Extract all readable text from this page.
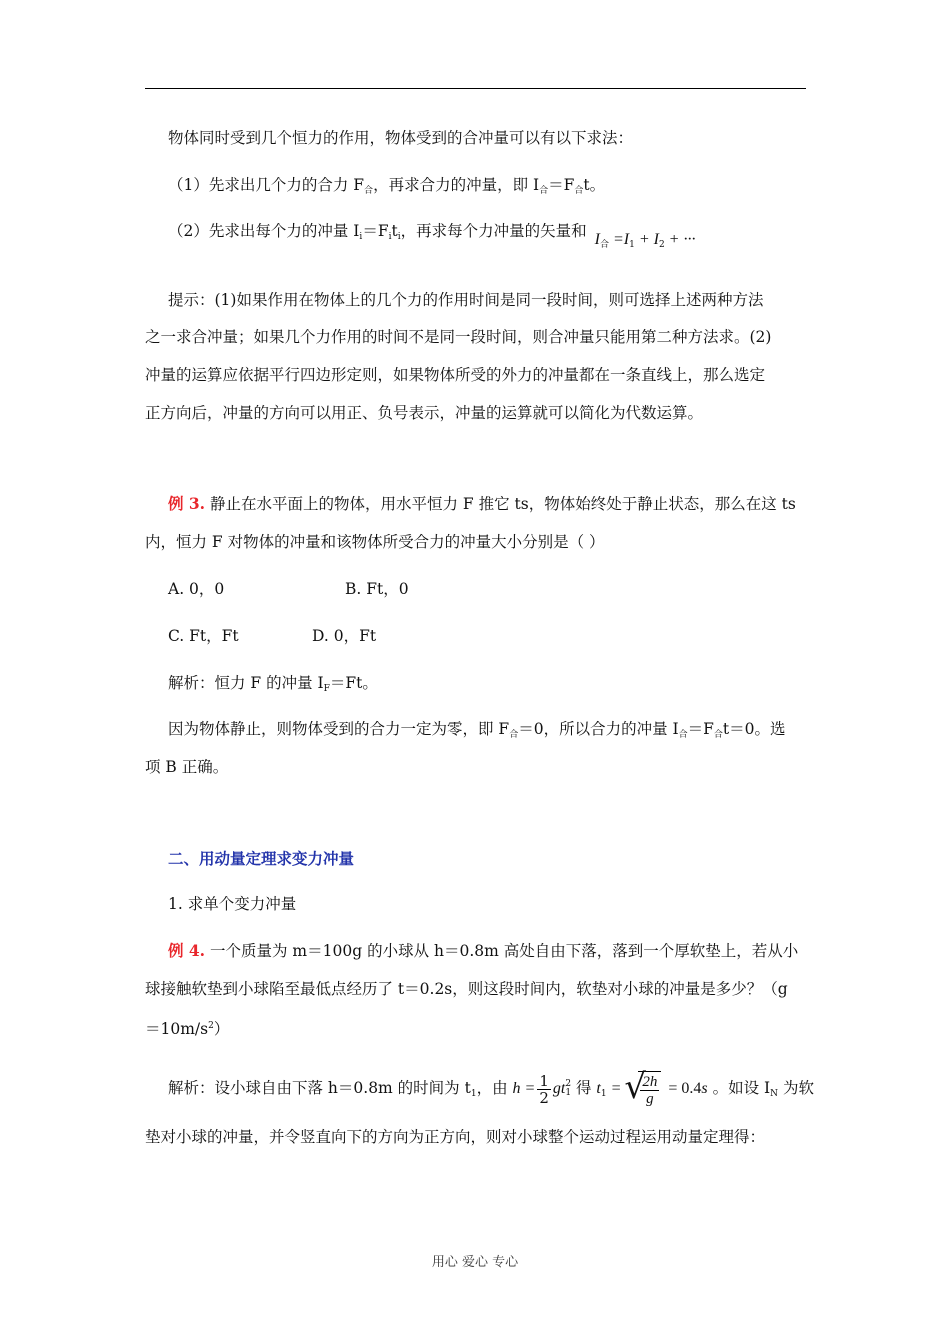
物体同时受到几个恒力的作用，物体受到的合冲量可以有以下求法：
（1）先求出几个力的合力 $F_合$，再求合力的冲量，即 $I_合=F_合t$。
（2）先求出每个力的冲量 $I_i=F_it_i$，再求每个力冲量的矢量和 $I_合 =I_1 + I_2$ + ···
提示：(1)如果作用在物体上的几个力的作用时间是同一段时间，则可选择上述两种方法
之一求合冲量；如果几个力作用的时间不是同一段时间，则合冲量只能用第二种方法求。(2)
冲量的运算应依据平行四边形定则，如果物体所受的外力的冲量都在一条直线上，那么选定
正方向后，冲量的方向可以用正、负号表示，冲量的运算就可以简化为代数运算。
例 3. 静止在水平面上的物体，用水平恒力 F 推它 ts，物体始终处于静止状态，那么在这 ts
内，恒力 F 对物体的冲量和该物体所受合力的冲量大小分别是（ ）
A. 0，0	B. Ft，0
C. Ft，Ft	D. 0，Ft
解析：恒力 F 的冲量 $I_F=Ft$。
因为物体静止，则物体受到的合力一定为零，即 $F_合=0$，所以合力的冲量 $I_合=F_合t=0$。选
项 B 正确。
二、用动量定理求变力冲量
1. 求单个变力冲量
例 4. 一个质量为 m＝100g 的小球从 h＝0.8m 高处自由下落，落到一个厚软垫上，若从小
球接触软垫到小球陷至最低点经历了 t＝0.2s，则这段时间内，软垫对小球的冲量是多少？（g
$=10m/s^2$）
解析：设小球自由下落 h＝0.8m 的时间为 $t_1$，由 $h = \frac{1}{2}$ gt 2
1 得 $t_1$ = √
$\frac{2h}{g} = 0.4s$ 。如设 $I_N$ 为软
垫对小球的冲量，并令竖直向下的方向为正方向，则对小球整个运动过程运用动量定理得：
用心 爱心 专心
